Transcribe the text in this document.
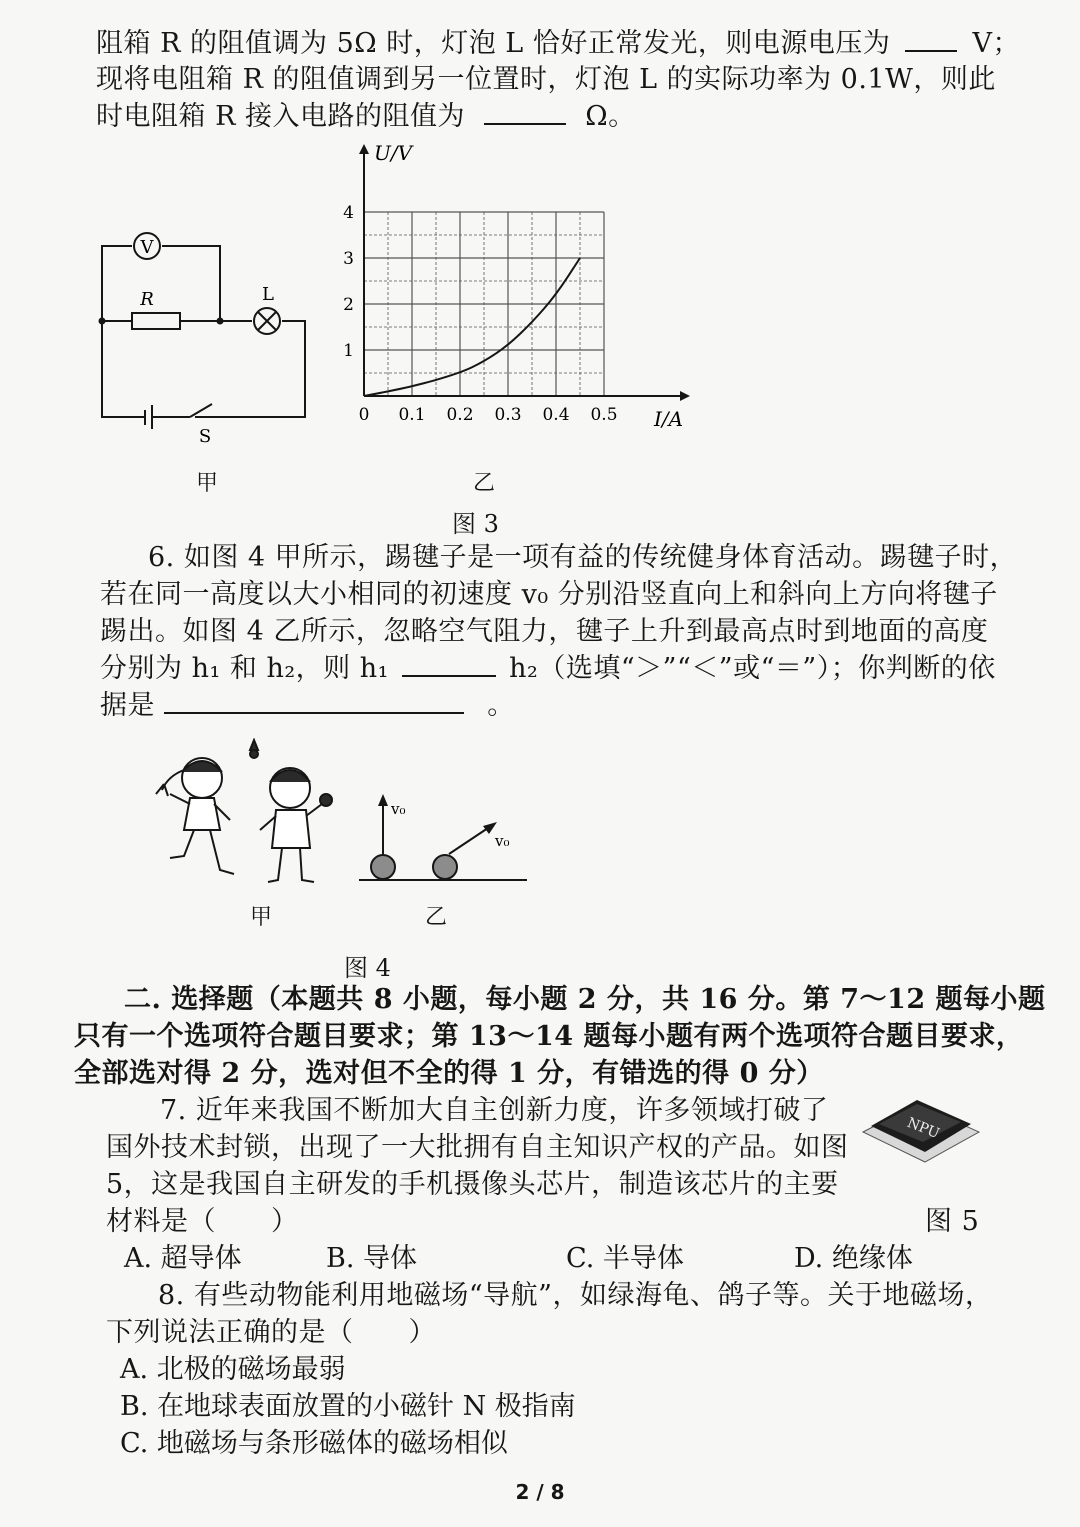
阻箱 R 的阻值调为 5Ω 时，灯泡 L 恰好正常发光，则电源电压为	V；
现将电阻箱 R 的阻值调到另一位置时，灯泡 L 的实际功率为 0.1W，则此
时电阻箱 R 接入电路的阻值为	Ω。
V
R	L
S
甲
U/V
I/A
0 0.1 0.2 0.3 0.4 0.5
1
2
3
4
乙
图 3
6. 如图 4 甲所示，踢毽子是一项有益的传统健身体育活动。踢毽子时，
若在同一高度以大小相同的初速度 v₀ 分别沿竖直向上和斜向上方向将毽子
踢出。如图 4 乙所示，忽略空气阻力，毽子上升到最高点时到地面的高度
分别为 h₁ 和 h₂，则 h₁	h₂（选填“＞”“＜”或“＝”）；你判断的依
据是	。
甲
v₀
v₀
乙
图 4
二. 选择题（本题共 8 小题，每小题 2 分，共 16 分。第 7～12 题每小题
只有一个选项符合题目要求；第 13～14 题每小题有两个选项符合题目要求，
全部选对得 2 分，选对但不全的得 1 分，有错选的得 0 分）
7. 近年来我国不断加大自主创新力度，许多领域打破了
国外技术封锁，出现了一大批拥有自主知识产权的产品。如图
5，这是我国自主研发的手机摄像头芯片，制造该芯片的主要
材料是（　　）
NPU
图 5
A. 超导体	B. 导体	C. 半导体	D. 绝缘体
8. 有些动物能利用地磁场“导航”，如绿海龟、鸽子等。关于地磁场，
下列说法正确的是（　　）
A. 北极的磁场最弱
B. 在地球表面放置的小磁针 N 极指南
C. 地磁场与条形磁体的磁场相似
2 / 8
